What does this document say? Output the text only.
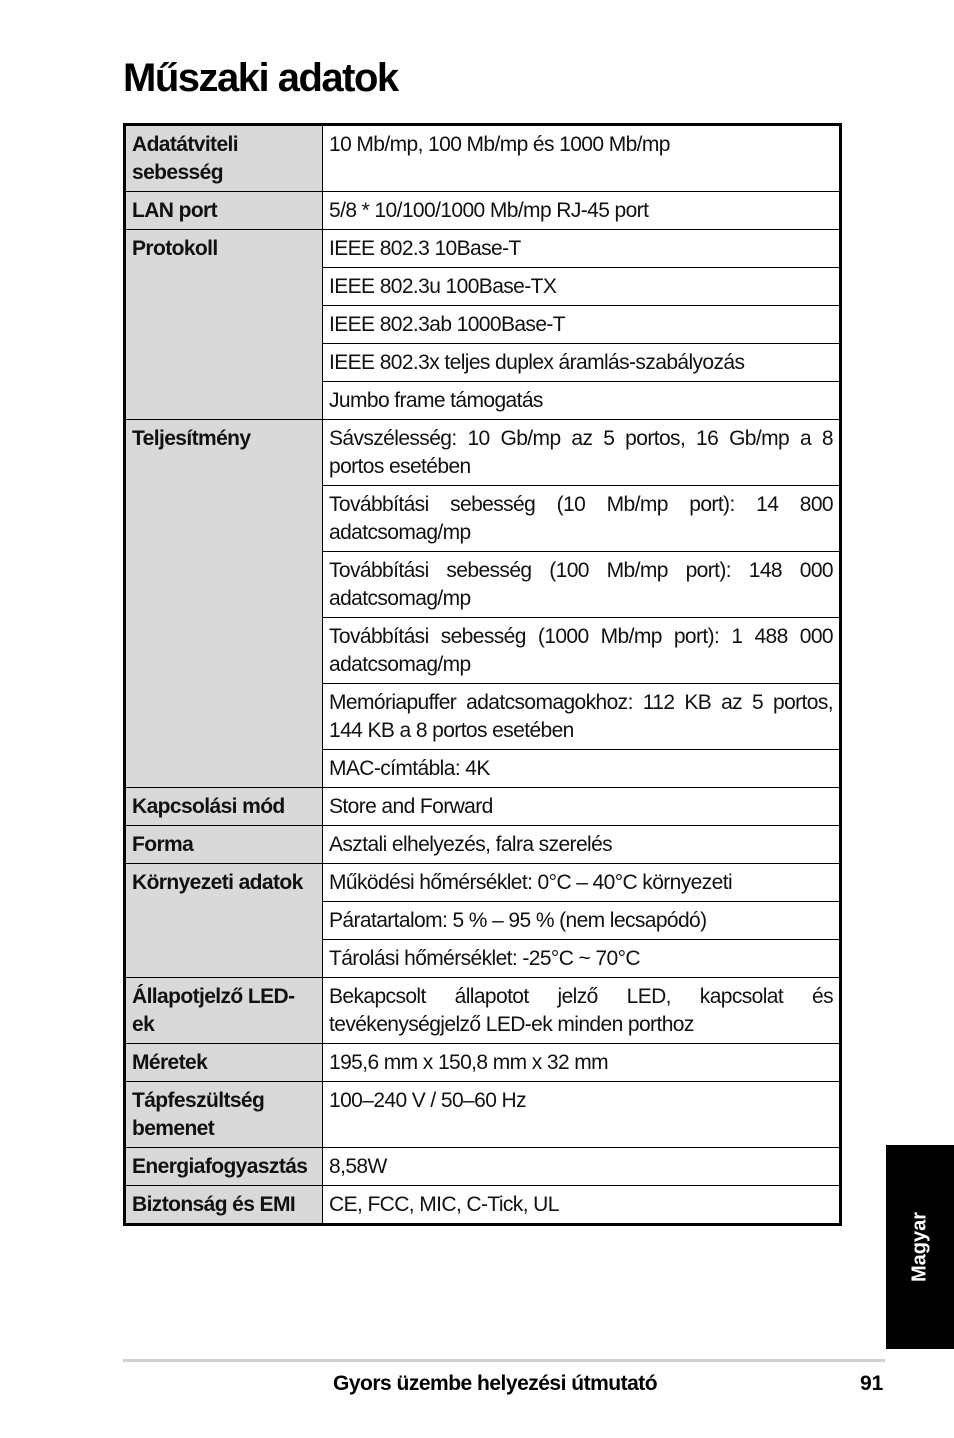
Műszaki adatok
Adatátviteli sebesség	10 Mb/mp, 100 Mb/mp és 1000 Mb/mp
LAN port	5/8 * 10/100/1000 Mb/mp RJ-45 port
Protokoll	IEEE 802.3 10Base-T
	IEEE 802.3u 100Base-TX
	IEEE 802.3ab 1000Base-T
	IEEE 802.3x teljes duplex áramlás-szabályozás
	Jumbo frame támogatás
Teljesítmény	Sávszélesség: 10 Gb/mp az 5 portos, 16 Gb/mp a 8 portos esetében
	Továbbítási sebesség (10 Mb/mp port): 14 800 adatcsomag/mp
	Továbbítási sebesség (100 Mb/mp port): 148 000 adatcsomag/mp
	Továbbítási sebesség (1000 Mb/mp port): 1 488 000 adatcsomag/mp
	Memóriapuffer adatcsomagokhoz: 112 KB az 5 portos, 144 KB a 8 portos esetében
	MAC-címtábla: 4K
Kapcsolási mód	Store and Forward
Forma	Asztali elhelyezés, falra szerelés
Környezeti adatok	Működési hőmérséklet: 0°C – 40°C környezeti
	Páratartalom: 5 % – 95 % (nem lecsapódó)
	Tárolási hőmérséklet: -25°C ~ 70°C
Állapotjelző LED-ek	Bekapcsolt állapotot jelző LED, kapcsolat és tevékenységjelző LED-ek minden porthoz
Méretek	195,6 mm x 150,8 mm x 32 mm
Tápfeszültség bemenet	100–240 V / 50–60 Hz
Energiafogyasztás	8,58W
Biztonság és EMI	CE, FCC, MIC, C-Tick, UL
Magyar
Gyors üzembe helyezési útmutató	91
